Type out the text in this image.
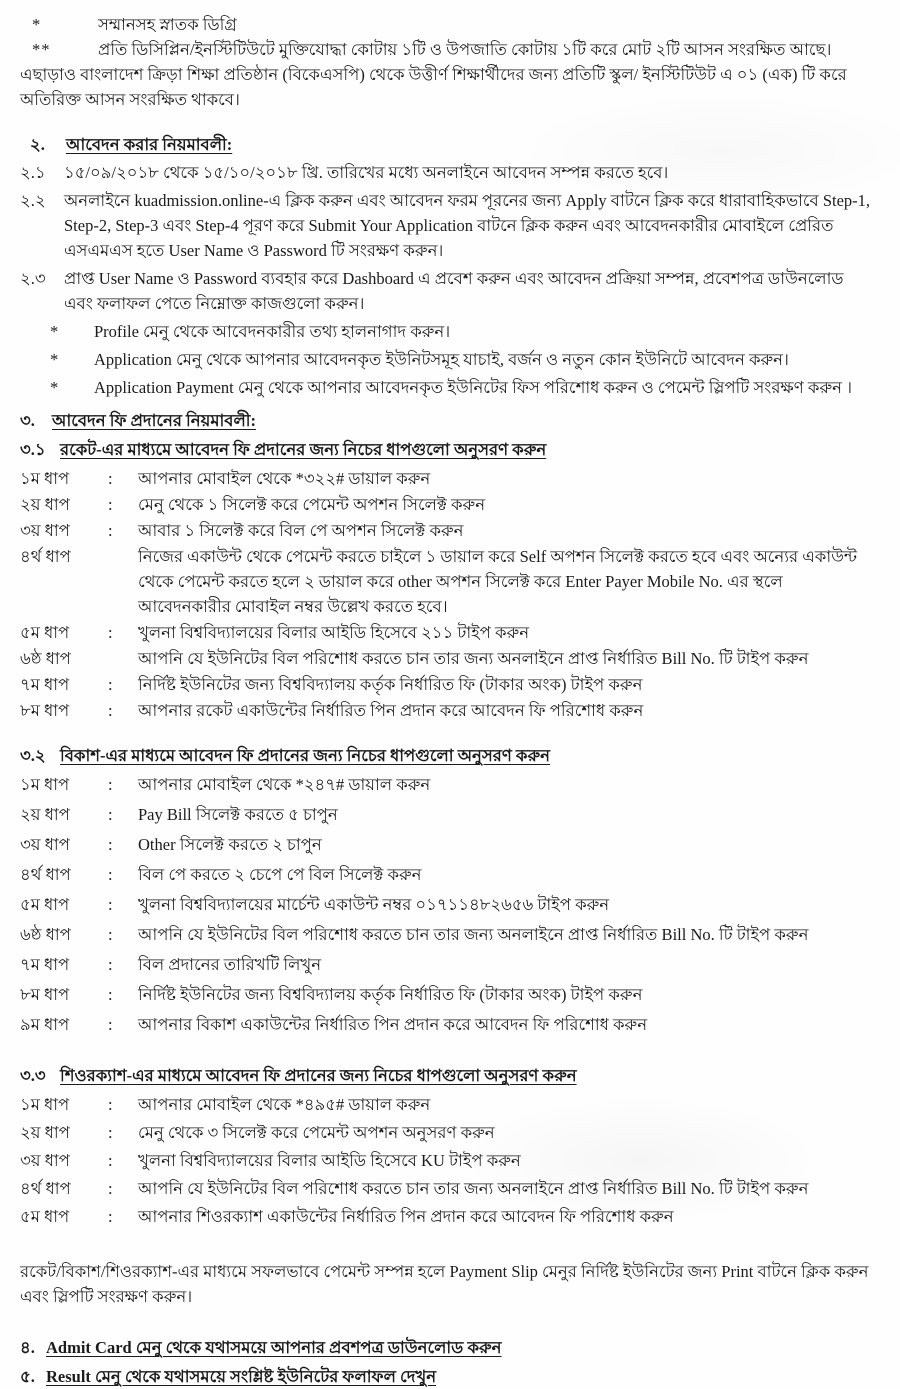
*	সম্মানসহ স্নাতক ডিগ্রি
**	প্রতি ডিসিপ্লিন/ইনস্টিটিউটে মুক্তিযোদ্ধা কোটায় ১টি ও উপজাতি কোটায় ১টি করে মোট ২টি আসন সংরক্ষিত আছে।

এছাড়াও বাংলাদেশ ক্রিড়া শিক্ষা প্রতিষ্ঠান (বিকেএসপি) থেকে উত্তীর্ণ শিক্ষার্থীদের জন্য প্রতিটি স্কুল/ ইনস্টিটিউট এ ০১ (এক) টি করে অতিরিক্ত আসন সংরক্ষিত থাকবে।

২.	আবেদন করার নিয়মাবলী:
২.১	১৫/০৯/২০১৮ থেকে ১৫/১০/২০১৮ খ্রি. তারিখের মধ্যে অনলাইনে আবেদন সম্পন্ন করতে হবে।
২.২	অনলাইনে kuadmission.online-এ ক্লিক করুন এবং আবেদন ফরম পূরনের জন্য Apply বাটনে ক্লিক করে ধারাবাহিকভাবে Step-1, Step-2, Step-3 এবং Step-4 পূরণ করে Submit Your Application বাটনে ক্লিক করুন এবং আবেদনকারীর মোবাইলে প্রেরিত এসএমএস হতে User Name ও Password টি সংরক্ষণ করুন।
২.৩	প্রাপ্ত User Name ও Password ব্যবহার করে Dashboard এ প্রবেশ করুন এবং আবেদন প্রক্রিয়া সম্পন্ন, প্রবেশপত্র ডাউনলোড এবং ফলাফল পেতে নিম্নোক্ত কাজগুলো করুন।
*	Profile মেনু থেকে আবেদনকারীর তথ্য হালনাগাদ করুন।
*	Application মেনু থেকে আপনার আবেদনকৃত ইউনিটসমূহ যাচাই, বর্জন ও নতুন কোন ইউনিটে আবেদন করুন।
*	Application Payment মেনু থেকে আপনার আবেদনকৃত ইউনিটের ফিস পরিশোধ করুন ও পেমেন্ট স্লিপটি সংরক্ষণ করুন ।
৩.	আবেদন ফি প্রদানের নিয়মাবলী:
৩.১ রকেট-এর মাধ্যমে আবেদন ফি প্রদানের জন্য নিচের ধাপগুলো অনুসরণ করুন
১ম ধাপ	:	আপনার মোবাইল থেকে *৩২২# ডায়াল করুন
২য় ধাপ	:	মেনু থেকে ১ সিলেক্ট করে পেমেন্ট অপশন সিলেক্ট করুন
৩য় ধাপ	:	আবার ১ সিলেক্ট করে বিল পে অপশন সিলেক্ট করুন
৪র্থ ধাপ	নিজের একাউন্ট থেকে পেমেন্ট করতে চাইলে ১ ডায়াল করে Self অপশন সিলেক্ট করতে হবে এবং অন্যের একাউন্ট থেকে পেমেন্ট করতে হলে ২ ডায়াল করে other অপশন সিলেক্ট করে Enter Payer Mobile No. এর স্থলে আবেদনকারীর মোবাইল নম্বর উল্লেখ করতে হবে।
৫ম ধাপ	:	খুলনা বিশ্ববিদ্যালয়ের বিলার আইডি হিসেবে ২১১ টাইপ করুন
৬ষ্ঠ ধাপ	আপনি যে ইউনিটের বিল পরিশোধ করতে চান তার জন্য অনলাইনে প্রাপ্ত নির্ধারিত Bill No. টি টাইপ করুন
৭ম ধাপ	:	নির্দিষ্ট ইউনিটের জন্য বিশ্ববিদ্যালয় কর্তৃক নির্ধারিত ফি (টাকার অংক) টাইপ করুন
৮ম ধাপ	:	আপনার রকেট একাউন্টের নির্ধারিত পিন প্রদান করে আবেদন ফি পরিশোধ করুন
৩.২ বিকাশ-এর মাধ্যমে আবেদন ফি প্রদানের জন্য নিচের ধাপগুলো অনুসরণ করুন
১ম ধাপ	:	আপনার মোবাইল থেকে *২৪৭# ডায়াল করুন
২য় ধাপ	:	Pay Bill সিলেক্ট করতে ৫ চাপুন
৩য় ধাপ	:	Other সিলেক্ট করতে ২ চাপুন
৪র্থ ধাপ	:	বিল পে করতে ২ চেপে পে বিল সিলেক্ট করুন
৫ম ধাপ	:	খুলনা বিশ্ববিদ্যালয়ের মার্চেন্ট একাউন্ট নম্বর ০১৭১১৪৮২৬৫৬ টাইপ করুন
৬ষ্ঠ ধাপ	:	আপনি যে ইউনিটের বিল পরিশোধ করতে চান তার জন্য অনলাইনে প্রাপ্ত নির্ধারিত Bill No. টি টাইপ করুন
৭ম ধাপ	:	বিল প্রদানের তারিখটি লিখুন
৮ম ধাপ	:	নির্দিষ্ট ইউনিটের জন্য বিশ্ববিদ্যালয় কর্তৃক নির্ধারিত ফি (টাকার অংক) টাইপ করুন
৯ম ধাপ	:	আপনার বিকাশ একাউন্টের নির্ধারিত পিন প্রদান করে আবেদন ফি পরিশোধ করুন
৩.৩ শিওরক্যাশ-এর মাধ্যমে আবেদন ফি প্রদানের জন্য নিচের ধাপগুলো অনুসরণ করুন
১ম ধাপ	:	আপনার মোবাইল থেকে *৪৯৫# ডায়াল করুন
২য় ধাপ	:	মেনু থেকে ৩ সিলেক্ট করে পেমেন্ট অপশন অনুসরণ করুন
৩য় ধাপ	:	খুলনা বিশ্ববিদ্যালয়ের বিলার আইডি হিসেবে KU টাইপ করুন
৪র্থ ধাপ	:	আপনি যে ইউনিটের বিল পরিশোধ করতে চান তার জন্য অনলাইনে প্রাপ্ত নির্ধারিত Bill No. টি টাইপ করুন
৫ম ধাপ	:	আপনার শিওরক্যাশ একাউন্টের নির্ধারিত পিন প্রদান করে আবেদন ফি পরিশোধ করুন

রকেট/বিকাশ/শিওরক্যাশ-এর মাধ্যমে সফলভাবে পেমেন্ট সম্পন্ন হলে Payment Slip মেনুর নির্দিষ্ট ইউনিটের জন্য Print বাটনে ক্লিক করুন এবং স্লিপটি সংরক্ষণ করুন।

৪. Admit Card মেনু থেকে যথাসময়ে আপনার প্রবশপত্র ডাউনলোড করুন
৫. Result মেনু থেকে যথাসময়ে সংশ্লিষ্ট ইউনিটের ফলাফল দেখুন
